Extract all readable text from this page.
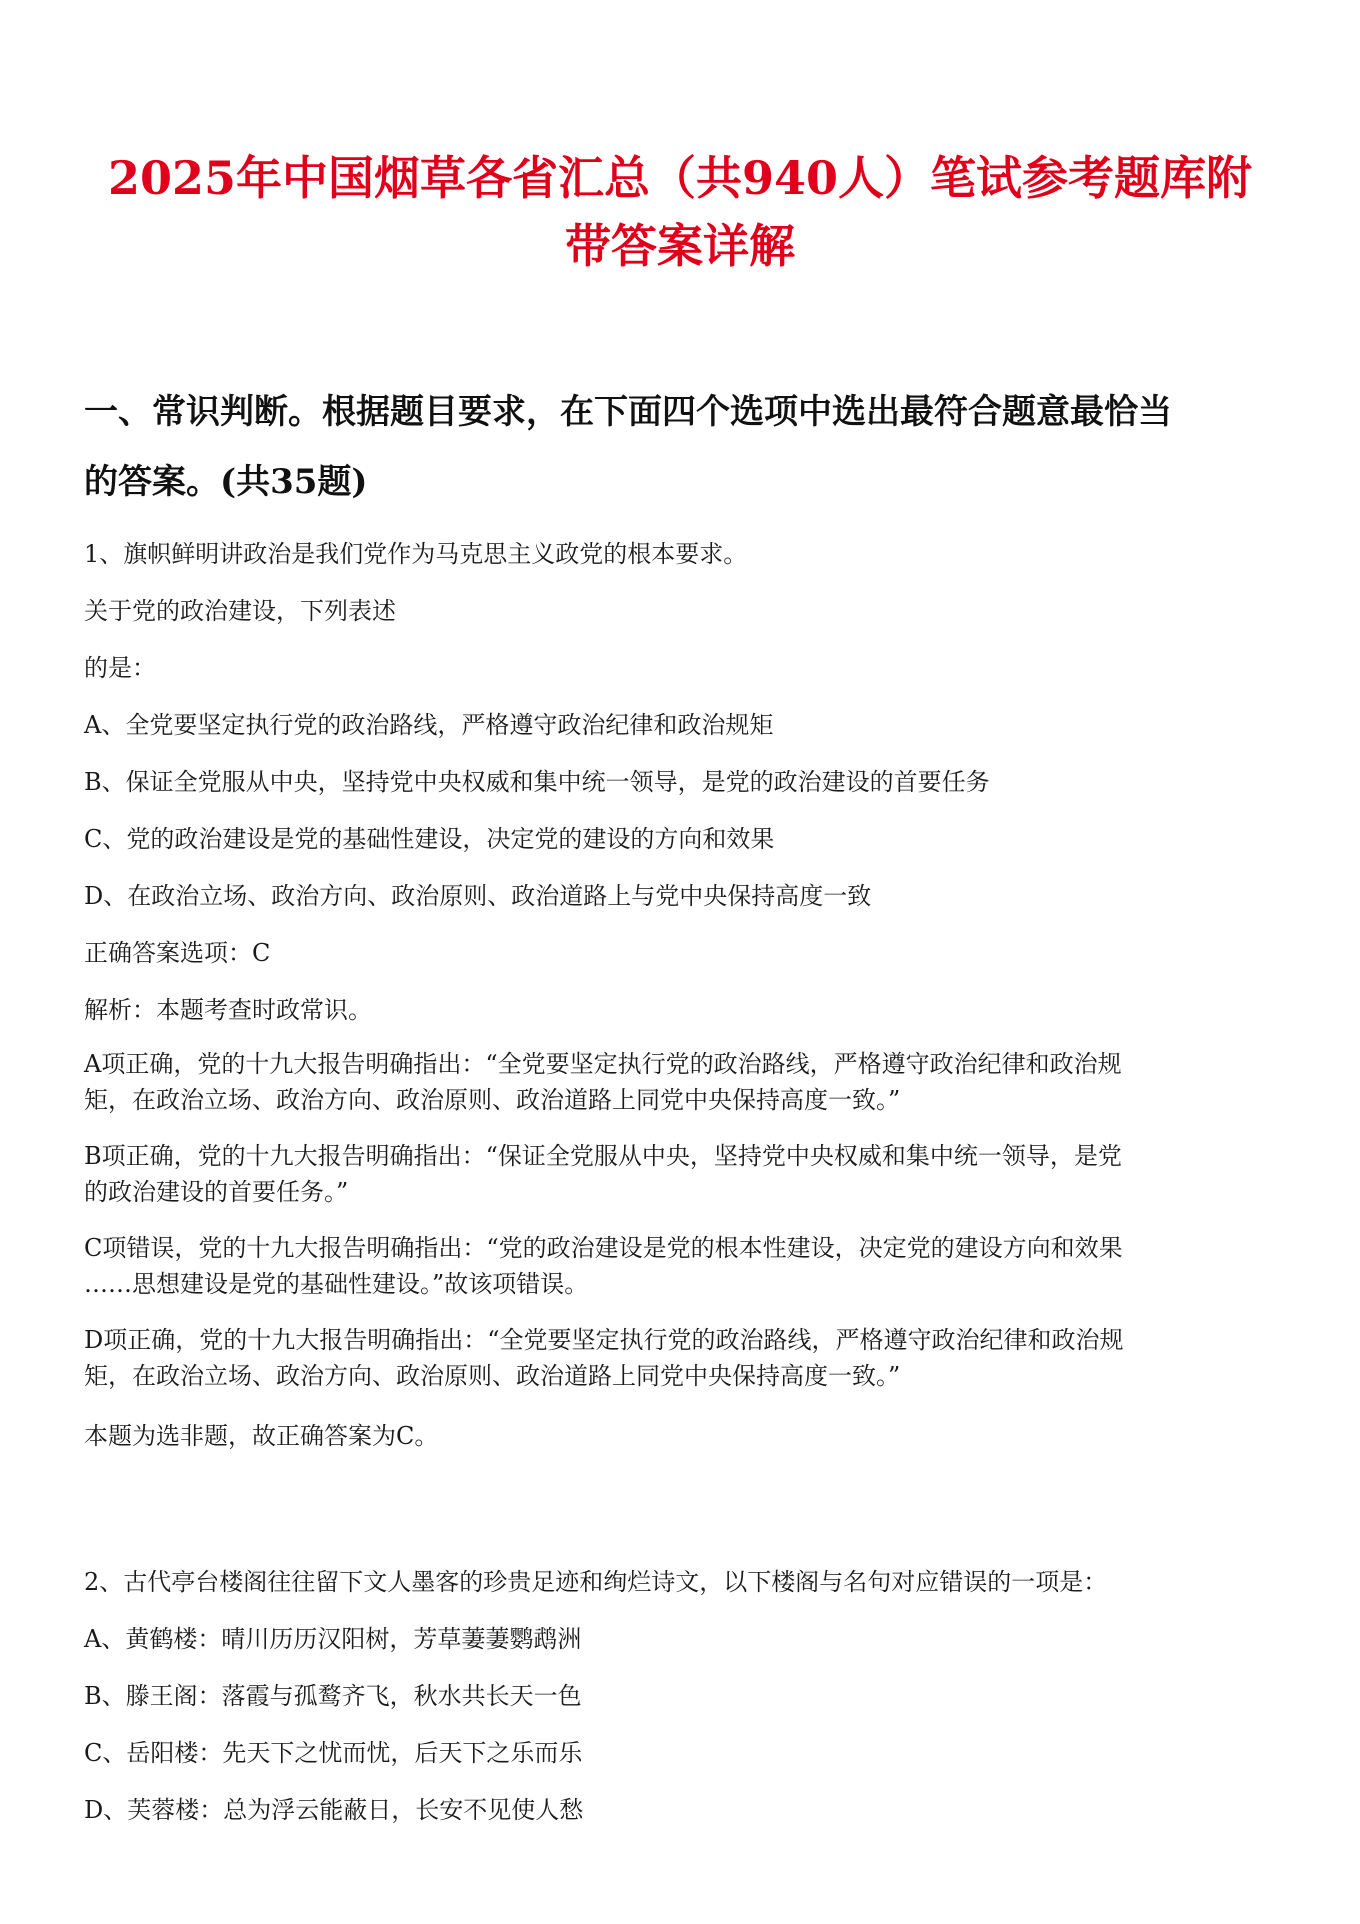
2025年中国烟草各省汇总（共940人）笔试参考题库附
带答案详解
一、常识判断。根据题目要求，在下面四个选项中选出最符合题意最恰当
的答案。(共35题)
1、旗帜鲜明讲政治是我们党作为马克思主义政党的根本要求。
关于党的政治建设，下列表述
的是：
A、全党要坚定执行党的政治路线，严格遵守政治纪律和政治规矩
B、保证全党服从中央，坚持党中央权威和集中统一领导，是党的政治建设的首要任务
C、党的政治建设是党的基础性建设，决定党的建设的方向和效果
D、在政治立场、政治方向、政治原则、政治道路上与党中央保持高度一致
正确答案选项：C
解析：本题考查时政常识。
A项正确，党的十九大报告明确指出：“全党要坚定执行党的政治路线，严格遵守政治纪律和政治规
矩，在政治立场、政治方向、政治原则、政治道路上同党中央保持高度一致。”
B项正确，党的十九大报告明确指出：“保证全党服从中央，坚持党中央权威和集中统一领导，是党
的政治建设的首要任务。”
C项错误，党的十九大报告明确指出：“党的政治建设是党的根本性建设，决定党的建设方向和效果
……思想建设是党的基础性建设。”故该项错误。
D项正确，党的十九大报告明确指出：“全党要坚定执行党的政治路线，严格遵守政治纪律和政治规
矩，在政治立场、政治方向、政治原则、政治道路上同党中央保持高度一致。”
本题为选非题，故正确答案为C。
2、古代亭台楼阁往往留下文人墨客的珍贵足迹和绚烂诗文，以下楼阁与名句对应错误的一项是：
A、黄鹤楼：晴川历历汉阳树，芳草萋萋鹦鹉洲
B、滕王阁：落霞与孤鹜齐飞，秋水共长天一色
C、岳阳楼：先天下之忧而忧，后天下之乐而乐
D、芙蓉楼：总为浮云能蔽日，长安不见使人愁
